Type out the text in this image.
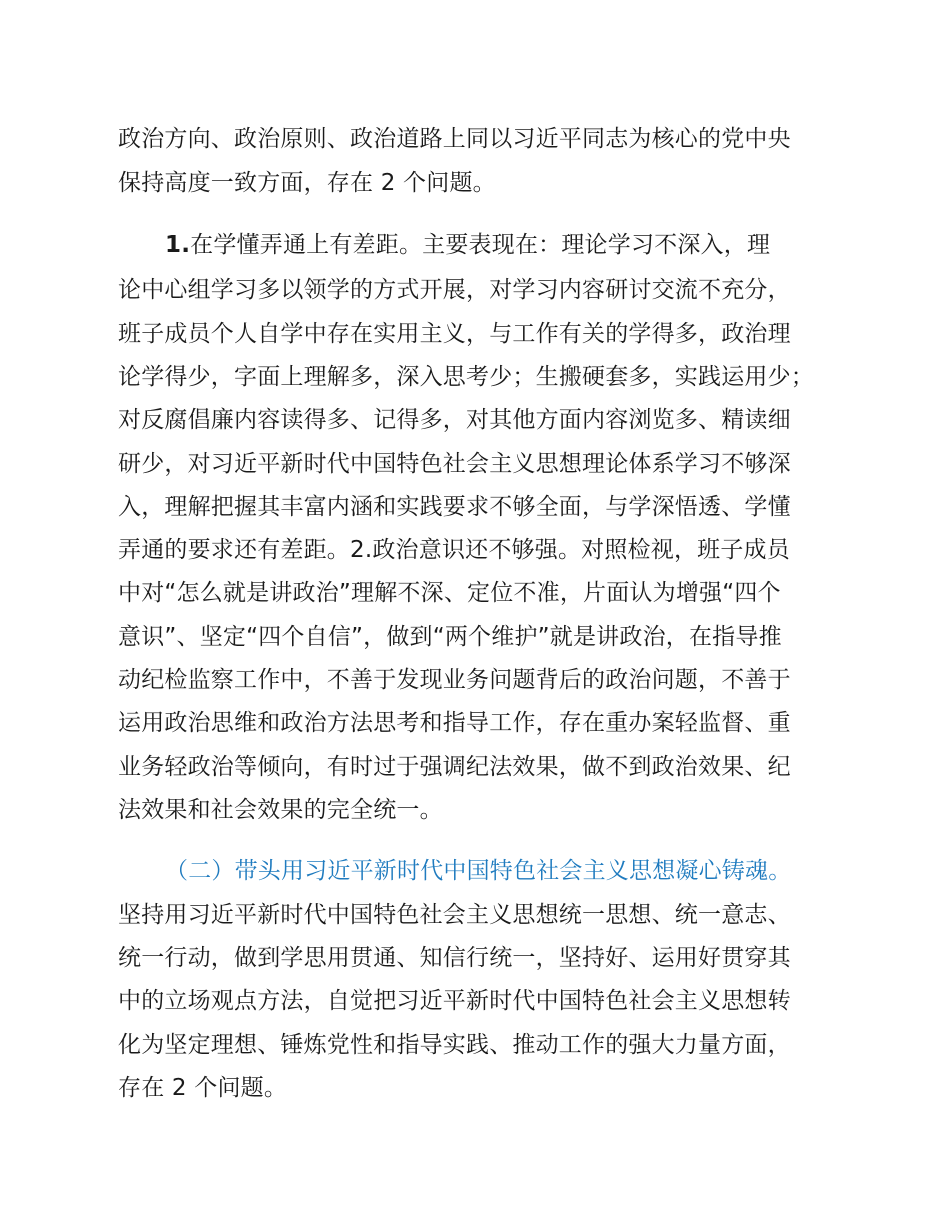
政治方向、政治原则、政治道路上同以习近平同志为核心的党中央
保持高度一致方面，存在 2 个问题。
1.在学懂弄通上有差距。主要表现在：理论学习不深入，理
论中心组学习多以领学的方式开展，对学习内容研讨交流不充分，
班子成员个人自学中存在实用主义，与工作有关的学得多，政治理
论学得少，字面上理解多，深入思考少；生搬硬套多，实践运用少；
对反腐倡廉内容读得多、记得多，对其他方面内容浏览多、精读细
研少，对习近平新时代中国特色社会主义思想理论体系学习不够深
入，理解把握其丰富内涵和实践要求不够全面，与学深悟透、学懂
弄通的要求还有差距。2.政治意识还不够强。对照检视，班子成员
中对“怎么就是讲政治”理解不深、定位不准，片面认为增强“四个
意识”、坚定“四个自信”，做到“两个维护”就是讲政治，在指导推
动纪检监察工作中，不善于发现业务问题背后的政治问题，不善于
运用政治思维和政治方法思考和指导工作，存在重办案轻监督、重
业务轻政治等倾向，有时过于强调纪法效果，做不到政治效果、纪
法效果和社会效果的完全统一。
（二）带头用习近平新时代中国特色社会主义思想凝心铸魂。
坚持用习近平新时代中国特色社会主义思想统一思想、统一意志、
统一行动，做到学思用贯通、知信行统一，坚持好、运用好贯穿其
中的立场观点方法，自觉把习近平新时代中国特色社会主义思想转
化为坚定理想、锤炼党性和指导实践、推动工作的强大力量方面，
存在 2 个问题。
